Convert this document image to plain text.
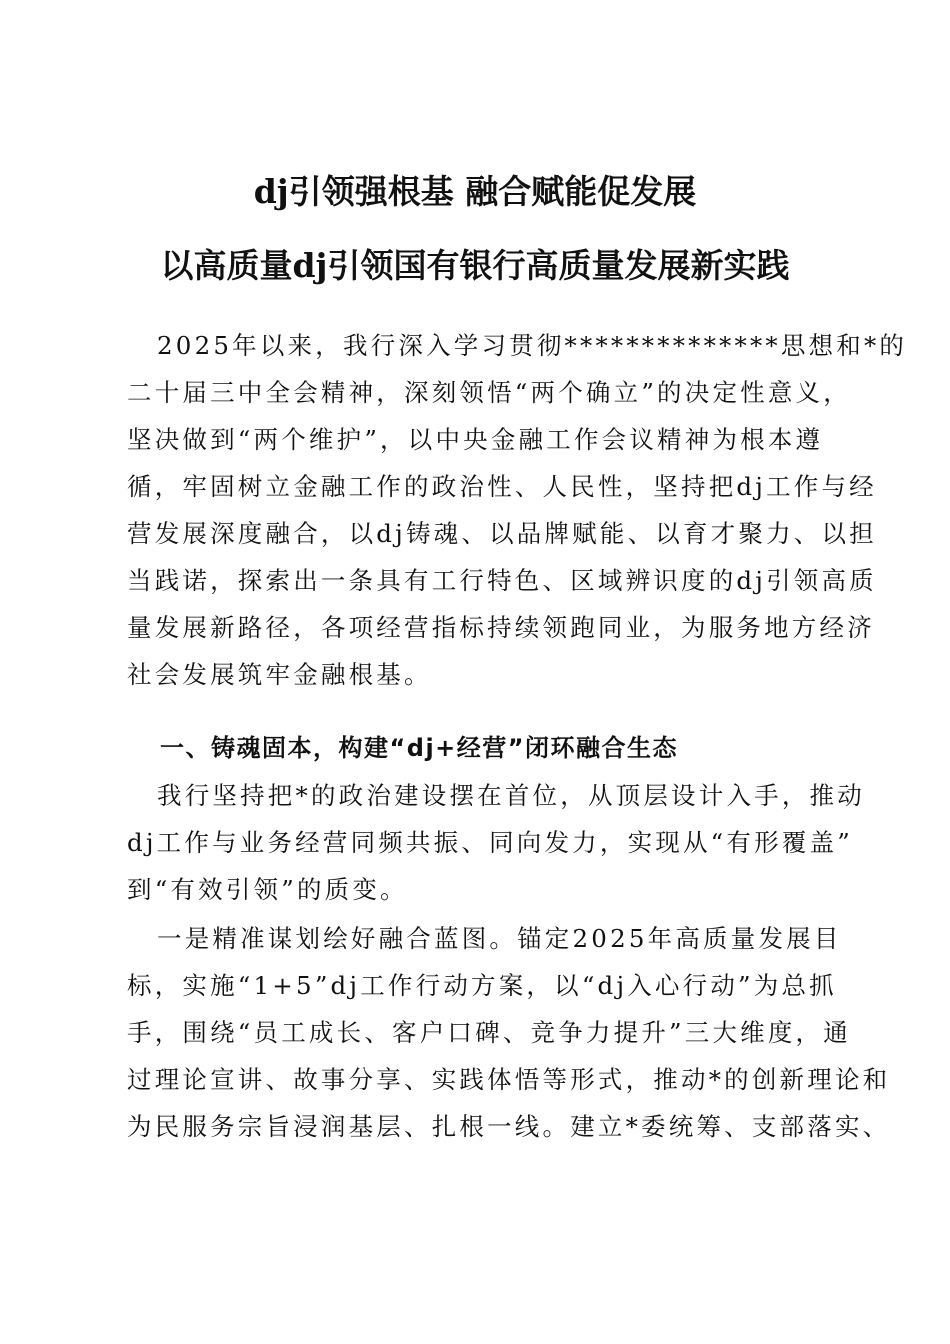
dj引领强根基 融合赋能促发展
以高质量dj引领国有银行高质量发展新实践
2025年以来，我行深入学习贯彻**************思想和*的
二十届三中全会精神，深刻领悟“两个确立”的决定性意义，
坚决做到“两个维护”，以中央金融工作会议精神为根本遵
循，牢固树立金融工作的政治性、人民性，坚持把dj工作与经
营发展深度融合，以dj铸魂、以品牌赋能、以育才聚力、以担
当践诺，探索出一条具有工行特色、区域辨识度的dj引领高质
量发展新路径，各项经营指标持续领跑同业，为服务地方经济
社会发展筑牢金融根基。
一、铸魂固本，构建“dj+经营”闭环融合生态
我行坚持把*的政治建设摆在首位，从顶层设计入手，推动
dj工作与业务经营同频共振、同向发力，实现从“有形覆盖”
到“有效引领”的质变。
一是精准谋划绘好融合蓝图。锚定2025年高质量发展目
标，实施“1+5”dj工作行动方案，以“dj入心行动”为总抓
手，围绕“员工成长、客户口碑、竞争力提升”三大维度，通
过理论宣讲、故事分享、实践体悟等形式，推动*的创新理论和
为民服务宗旨浸润基层、扎根一线。建立*委统筹、支部落实、
